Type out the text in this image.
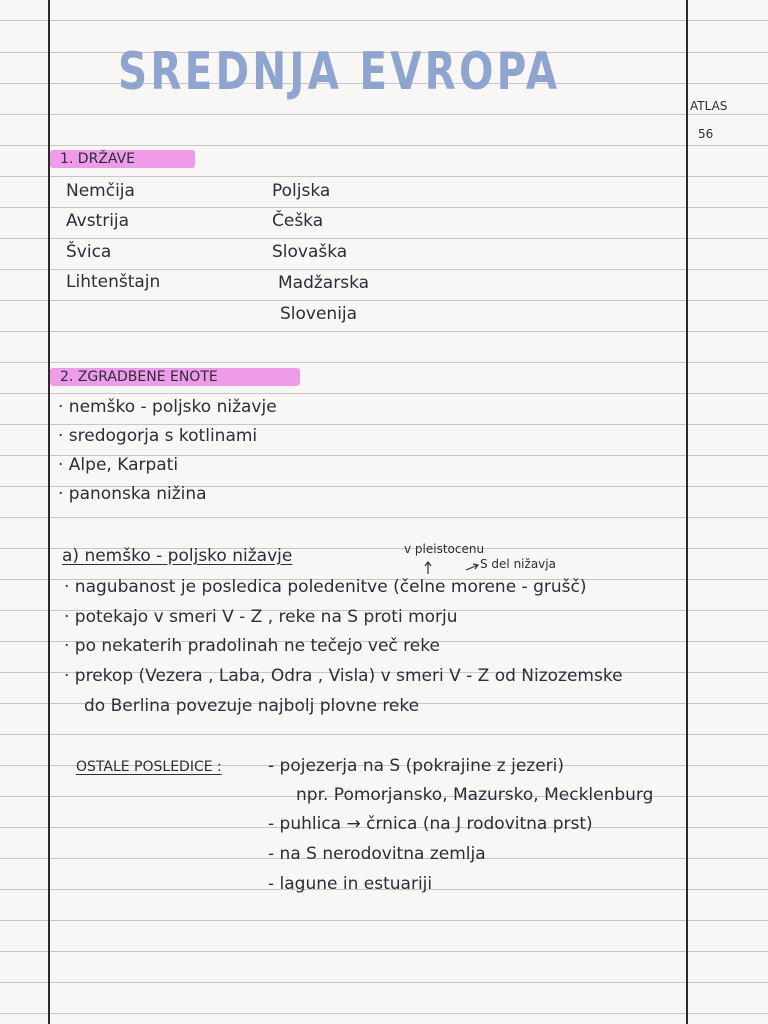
SREDNJA EVROPA
ATLAS
56
1. DRŽAVE
Nemčija
Avstrija
Švica
Lihtenštajn
Poljska
Češka
Slovaška
Madžarska
Slovenija
2. ZGRADBENE ENOTE
· nemško - poljsko nižavje
· sredogorja s kotlinami
· Alpe, Karpati
· panonska nižina
a) nemško - poljsko nižavje	v pleistocenu
S del nižavja
· nagubanost je posledica poledenitve (čelne morene - grušč)
· potekajo v smeri V - Z , reke na S proti morju
· po nekaterih pradolinah ne tečejo več reke
· prekop (Vezera , Laba, Odra , Visla) v smeri V - Z od Nizozemske
do Berlina povezuje najbolj plovne reke
OSTALE POSLEDICE :	- pojezerja na S (pokrajine z jezeri)
npr. Pomorjansko, Mazursko, Mecklenburg
- puhlica → črnica (na J rodovitna prst)
- na S nerodovitna zemlja
- lagune in estuariji
